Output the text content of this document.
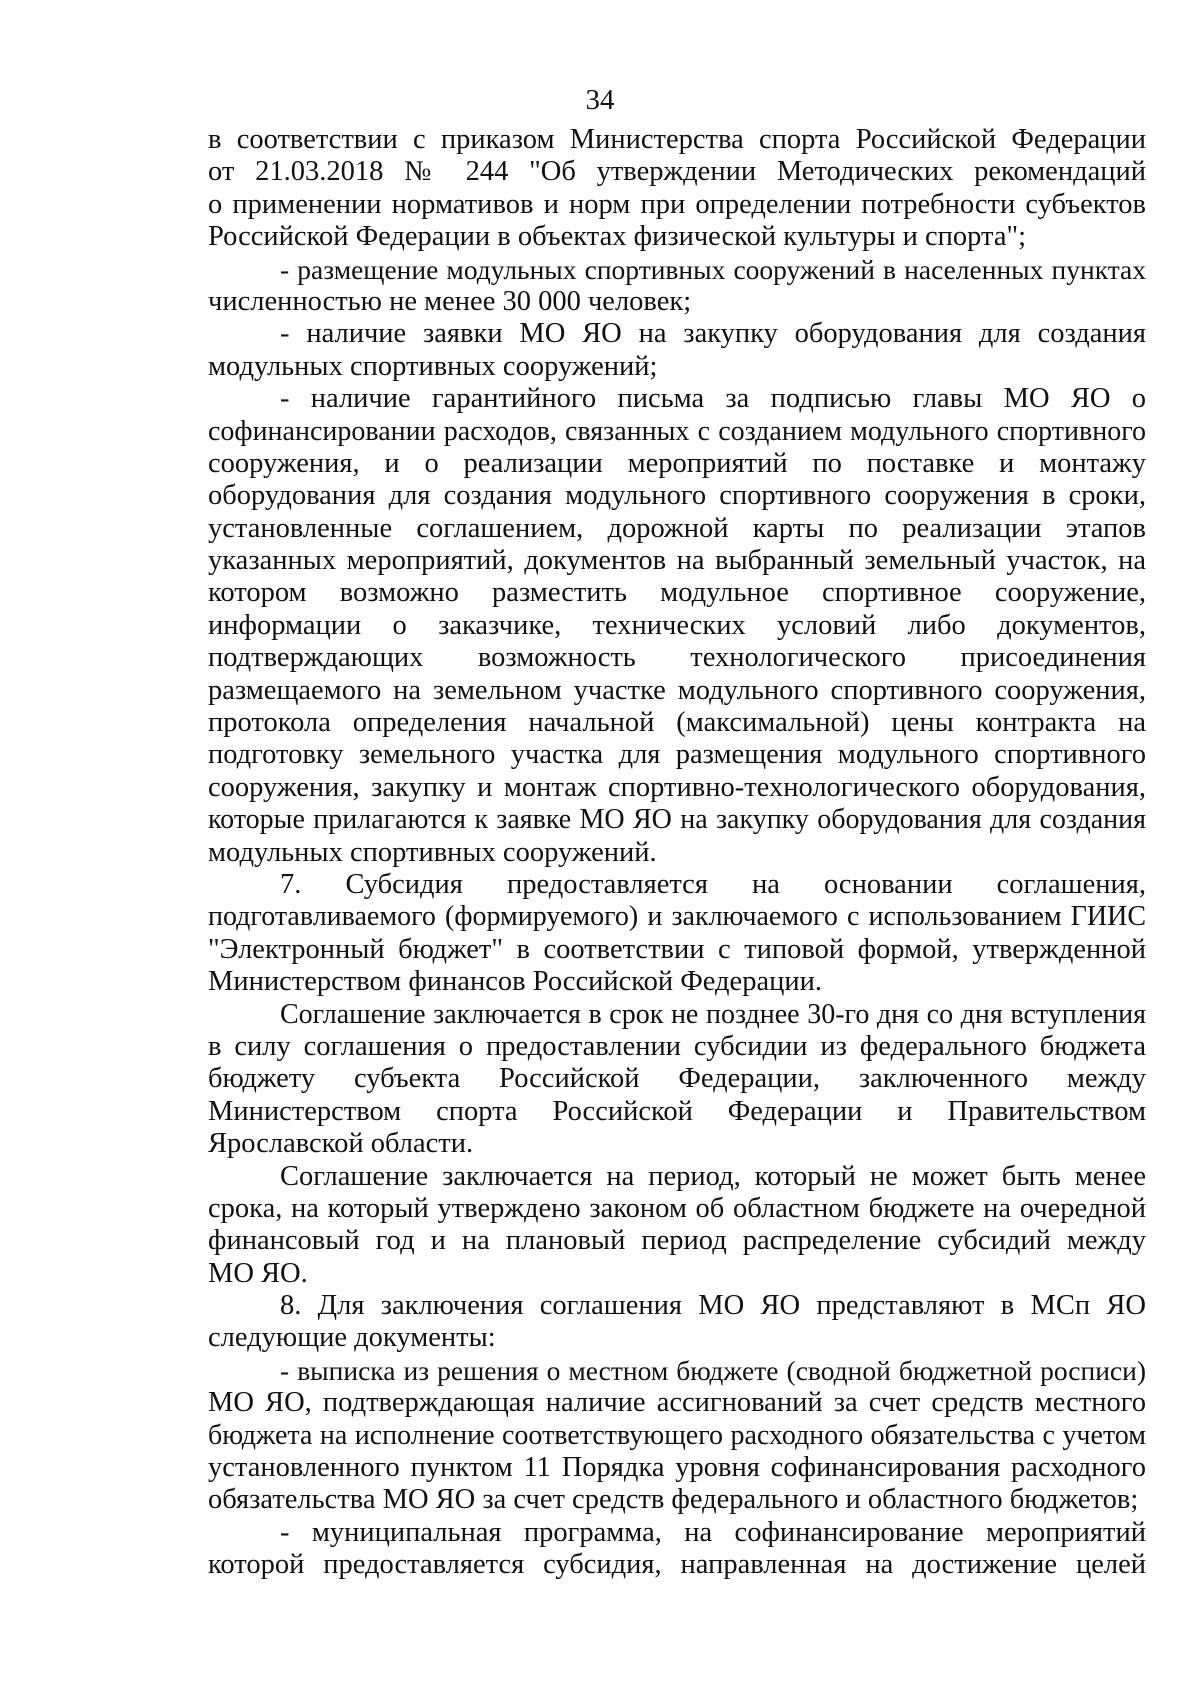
34
в соответствии с приказом Министерства спорта Российской Федерации
от 21.03.2018 № 244 "Об утверждении Методических рекомендаций
о применении нормативов и норм при определении потребности субъектов
Российской Федерации в объектах физической культуры и спорта";
- размещение модульных спортивных сооружений в населенных пунктах
численностью не менее 30 000 человек;
- наличие заявки МО ЯО на закупку оборудования для создания
модульных спортивных сооружений;
- наличие гарантийного письма за подписью главы МО ЯО о
софинансировании расходов, связанных с созданием модульного спортивного
сооружения, и о реализации мероприятий по поставке и монтажу
оборудования для создания модульного спортивного сооружения в сроки,
установленные соглашением, дорожной карты по реализации этапов
указанных мероприятий, документов на выбранный земельный участок, на
котором возможно разместить модульное спортивное сооружение,
информации о заказчике, технических условий либо документов,
подтверждающих возможность технологического присоединения
размещаемого на земельном участке модульного спортивного сооружения,
протокола определения начальной (максимальной) цены контракта на
подготовку земельного участка для размещения модульного спортивного
сооружения, закупку и монтаж спортивно-технологического оборудования,
которые прилагаются к заявке МО ЯО на закупку оборудования для создания
модульных спортивных сооружений.
7. Субсидия предоставляется на основании соглашения,
подготавливаемого (формируемого) и заключаемого с использованием ГИИС
"Электронный бюджет" в соответствии с типовой формой, утвержденной
Министерством финансов Российской Федерации.
Соглашение заключается в срок не позднее 30-го дня со дня вступления
в силу соглашения о предоставлении субсидии из федерального бюджета
бюджету субъекта Российской Федерации, заключенного между
Министерством спорта Российской Федерации и Правительством
Ярославской области.
Соглашение заключается на период, который не может быть менее
срока, на который утверждено законом об областном бюджете на очередной
финансовый год и на плановый период распределение субсидий между
МО ЯО.
8. Для заключения соглашения МО ЯО представляют в МСп ЯО
следующие документы:
- выписка из решения о местном бюджете (сводной бюджетной росписи)
МО ЯО, подтверждающая наличие ассигнований за счет средств местного
бюджета на исполнение соответствующего расходного обязательства с учетом
установленного пунктом 11 Порядка уровня софинансирования расходного
обязательства МО ЯО за счет средств федерального и областного бюджетов;
- муниципальная программа, на софинансирование мероприятий
которой предоставляется субсидия, направленная на достижение целей
